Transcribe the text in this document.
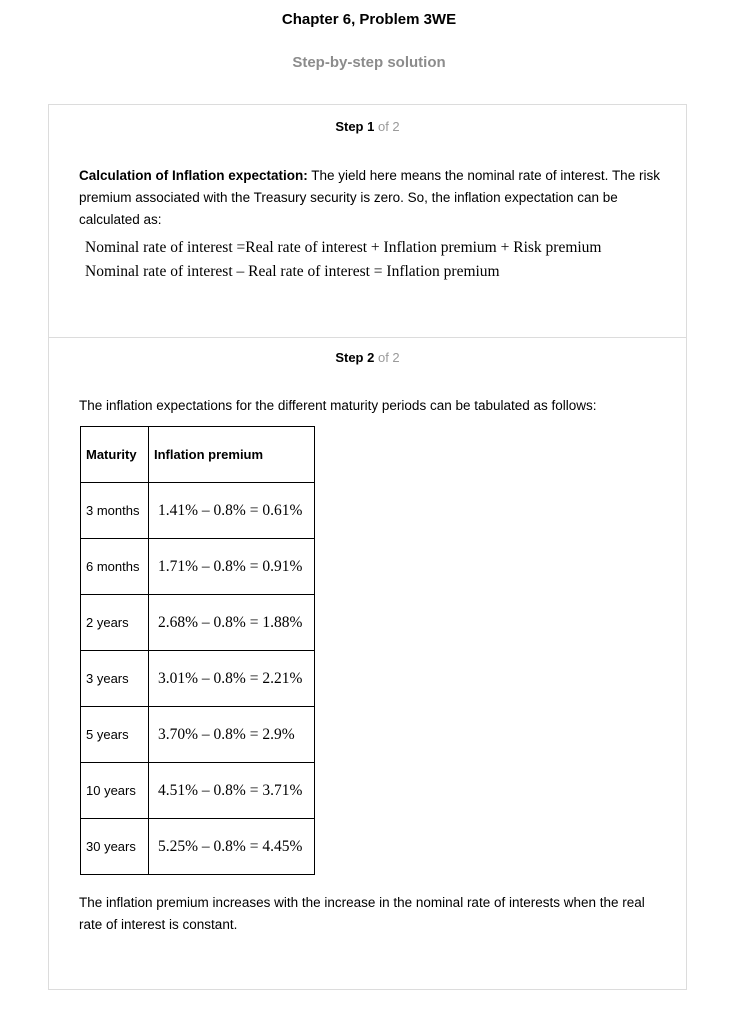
Chapter 6, Problem 3WE
Step-by-step solution
Step 1 of 2
Calculation of Inflation expectation: The yield here means the nominal rate of interest. The risk premium associated with the Treasury security is zero. So, the inflation expectation can be calculated as:
Nominal rate of interest =Real rate of interest + Inflation premium + Risk premium
Nominal rate of interest – Real rate of interest = Inflation premium
Step 2 of 2
The inflation expectations for the different maturity periods can be tabulated as follows:
Maturity	Inflation premium
3 months	1.41% – 0.8% = 0.61%
6 months	1.71% – 0.8% = 0.91%
2 years	2.68% – 0.8% = 1.88%
3 years	3.01% – 0.8% = 2.21%
5 years	3.70% – 0.8% = 2.9%
10 years	4.51% – 0.8% = 3.71%
30 years	5.25% – 0.8% = 4.45%
The inflation premium increases with the increase in the nominal rate of interests when the real rate of interest is constant.
